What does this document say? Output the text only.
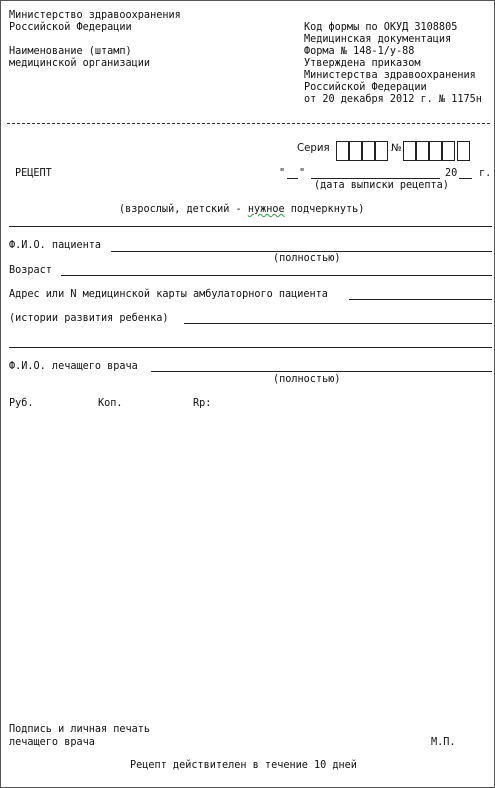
Министерство здравоохранения
Российской Федерации
Наименование (штамп)
медицинской организации
Код формы по ОКУД 3108805
Медицинская документация
Форма № 148-1/у-88
Утверждена приказом
Министерства здравоохранения
Российской Федерации
от 20 декабря 2012 г. № 1175н
Серия	№
РЕЦЕПТ	" "	20 г.
(дата выписки рецепта)
(взрослый, детский - нужное подчеркнуть)
Ф.И.О. пациента
(полностью)
Возраст
Адрес или N медицинской карты амбулаторного пациента
(истории развития ребенка)
Ф.И.О. лечащего врача
(полностью)
Руб.	Коп.	Rp:
Подпись и личная печать
лечащего врача	М.П.
Рецепт действителен в течение 10 дней
